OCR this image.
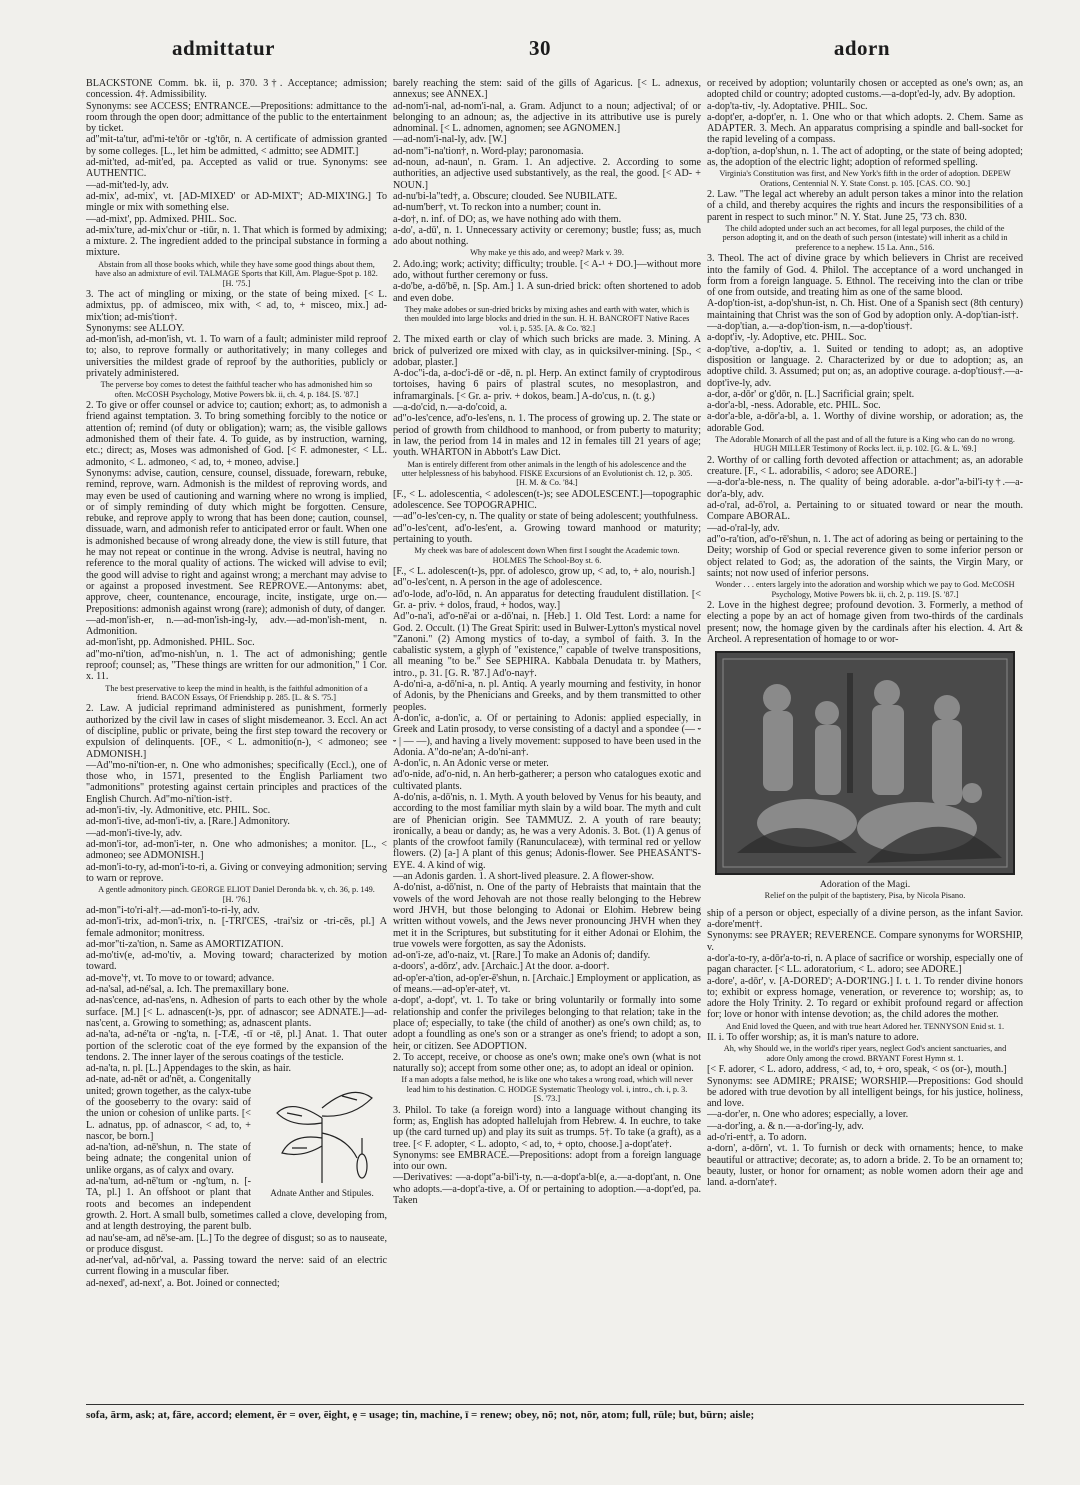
admittatur	30	adorn

BLACKSTONE Comm. bk. ii, p. 370. 3†. Acceptance; admission; concession. 4†. Admissibility.

Synonyms: see ACCESS; ENTRANCE.—Prepositions: admittance to the room through the open door; admittance of the public to the entertainment by ticket.

ad"mit-ta'tur, ad'mi-te'tōr or -tg'tōr, n. A certificate of admission granted by some colleges. [L., let him be admitted, < admitto; see ADMIT.]

ad-mit'ted, ad-mit'ed, pa. Accepted as valid or true. Synonyms: see AUTHENTIC.

—ad-mit'ted-ly, adv.

ad-mix', ad-mix', vt. [AD-MIXED' or AD-MIXT'; AD-MIX'ING.] To mingle or mix with something else.

—ad-mixt', pp. Admixed. PHIL. Soc.

ad-mix'ture, ad-mix'chur or -tiūr, n. 1. That which is formed by admixing; a mixture. 2. The ingredient added to the principal substance in forming a mixture.

Abstain from all those books which, while they have some good things about them, have also an admixture of evil. TALMAGE Sports that Kill, Am. Plague-Spot p. 182. [H. '75.]

3. The act of mingling or mixing, or the state of being mixed. [< L. admixtus, pp. of admisceo, mix with, < ad, to, + misceo, mix.] ad-mix'tion; ad-mis'tion†.

Synonyms: see ALLOY.

ad-mon'ish, ad-mon'ish, vt. 1. To warn of a fault; administer mild reproof to; also, to reprove formally or authoritatively; in many colleges and universities the mildest grade of reproof by the authorities, publicly or privately administered.

The perverse boy comes to detest the faithful teacher who has admonished him so often. McCOSH Psychology, Motive Powers bk. ii, ch. 4, p. 184. [S. '87.]

2. To give or offer counsel or advice to; caution; exhort; as, to admonish a friend against temptation. 3. To bring something forcibly to the notice or attention of; remind (of duty or obligation); warn; as, the visible gallows admonished them of their fate. 4. To guide, as by instruction, warning, etc.; direct; as, Moses was admonished of God. [< F. admonester, < LL. admonito, < L. admoneo, < ad, to, + moneo, advise.]

Synonyms: advise, caution, censure, counsel, dissuade, forewarn, rebuke, remind, reprove, warn. Admonish is the mildest of reproving words, and may even be used of cautioning and warning where no wrong is implied, or of simply reminding of duty which might be forgotten. Censure, rebuke, and reprove apply to wrong that has been done; caution, counsel, dissuade, warn, and admonish refer to anticipated error or fault. When one is admonished because of wrong already done, the view is still future, that he may not repeat or continue in the wrong. Advise is neutral, having no reference to the moral quality of actions. The wicked will advise to evil; the good will advise to right and against wrong; a merchant may advise to or against a proposed investment. See REPROVE.—Antonyms: abet, approve, cheer, countenance, encourage, incite, instigate, urge on.—Prepositions: admonish against wrong (rare); admonish of duty, of danger.

—ad-mon'ish-er, n.—ad-mon'ish-ing-ly, adv.—ad-mon'ish-ment, n. Admonition.

ad-mon'isht, pp. Admonished. PHIL. Soc.

ad"mo-ni'tion, ad'mo-nish'un, n. 1. The act of admonishing; gentle reproof; counsel; as, "These things are written for our admonition," 1 Cor. x. 11.

The best preservative to keep the mind in health, is the faithful admonition of a friend. BACON Essays, Of Friendship p. 285. [L. & S. '75.]

2. Law. A judicial reprimand administered as punishment, formerly authorized by the civil law in cases of slight misdemeanor. 3. Eccl. An act of discipline, public or private, being the first step toward the recovery or expulsion of delinquents. [OF., < L. admonitio(n-), < admoneo; see ADMONISH.]

—Ad"mo-ni'tion-er, n. One who admonishes; specifically (Eccl.), one of those who, in 1571, presented to the English Parliament two "admonitions" protesting against certain principles and practices of the English Church. Ad"mo-ni'tion-ist†.

ad-mon'i-tiv, -ly. Admonitive, etc. PHIL. Soc.

ad-mon'i-tive, ad-mon'i-tiv, a. [Rare.] Admonitory.

—ad-mon'i-tive-ly, adv.

ad-mon'i-tor, ad-mon'i-ter, n. One who admonishes; a monitor. [L., < admoneo; see ADMONISH.]

ad-mon'i-to-ry, ad-mon'i-to-ri, a. Giving or conveying admonition; serving to warn or reprove.

A gentle admonitory pinch. GEORGE ELIOT Daniel Deronda bk. v, ch. 36, p. 149. [H. '76.]

ad-mon"i-to'ri-al†.—ad-mon'i-to-ri-ly, adv.

ad-mon'i-trix, ad-mon'i-trix, n. [-TRI'CES, -trai'siz or -tri-cēs, pl.] A female admonitor; monitress.

ad-mor"ti-za'tion, n. Same as AMORTIZATION.

ad-mo'tiv(e, ad-mo'tiv, a. Moving toward; characterized by motion toward.

ad-move'†, vt. To move to or toward; advance.

ad-na'sal, ad-né'sal, a. Ich. The premaxillary bone.

ad-nas'cence, ad-nas'ens, n. Adhesion of parts to each other by the whole surface. [M.] [< L. adnascen(t-)s, ppr. of adnascor; see ADNATE.]—ad-nas'cent, a. Growing to something; as, adnascent plants.

ad-na'ta, ad-né'ta or -ng'ta, n. [-TÆ, -tī or -tē, pl.] Anat. 1. That outer portion of the sclerotic coat of the eye formed by the expansion of the tendons. 2. The inner layer of the serous coatings of the testicle.

ad-na'ta, n. pl. [L.] Appendages to the skin, as hair.

Adnate Anther and Stipules.

ad-nate, ad-nēt or ad'nēt, a. Congenitally united; grown together, as the calyx-tube of the gooseberry to the ovary: said of the union or cohesion of unlike parts. [< L. adnatus, pp. of adnascor, < ad, to, + nascor, be born.]

ad-na'tion, ad-nē'shun, n. The state of being adnate; the congenital union of unlike organs, as of calyx and ovary.

ad-na'tum, ad-nē'tum or -ng'tum, n. [-TA, pl.] 1. An offshoot or plant that roots and becomes an independent growth. 2. Hort. A small bulb, sometimes called a clove, developing from, and at length destroying, the parent bulb.

ad nau'se-am, ad nē'se-am. [L.] To the degree of disgust; so as to nauseate, or produce disgust.

ad-ner'val, ad-nōr'val, a. Passing toward the nerve: said of an electric current flowing in a muscular fiber.

ad-nexed', ad-next', a. Bot. Joined or connected;

barely reaching the stem: said of the gills of Agaricus. [< L. adnexus, annexus; see ANNEX.]

ad-nom'i-nal, ad-nom'i-nal, a. Gram. Adjunct to a noun; adjectival; of or belonging to an adnoun; as, the adjective in its attributive use is purely adnominal. [< L. adnomen, agnomen; see AGNOMEN.]

—ad-nom'i-nal-ly, adv. [W.]

ad-nom"i-na'tion†, n. Word-play; paronomasia.

ad-noun, ad-naun', n. Gram. 1. An adjective. 2. According to some authorities, an adjective used substantively, as the real, the good. [< AD- + NOUN.]

ad-nu'bi-la"ted†, a. Obscure; clouded. See NUBILATE.

ad-num'ber†, vt. To reckon into a number; count in.

a-do†, n. inf. of DO; as, we have nothing ado with them.

a-do', a-dū', n. 1. Unnecessary activity or ceremony; bustle; fuss; as, much ado about nothing.

Why make ye this ado, and weep? Mark v. 39.

2. Ado.ing; work; activity; difficulty; trouble. [< A-¹ + DO.]—without more ado, without further ceremony or fuss.

a-do'be, a-dō'bē, n. [Sp. Am.] 1. A sun-dried brick: often shortened to adob and even dobe.

They make adobes or sun-dried bricks by mixing ashes and earth with water, which is then moulded into large blocks and dried in the sun. H. H. BANCROFT Native Races vol. i, p. 535. [A. & Co. '82.]

2. The mixed earth or clay of which such bricks are made. 3. Mining. A brick of pulverized ore mixed with clay, as in quicksilver-mining. [Sp., < adobar, plaster.]

A-doc"i-da, a-doc'i-dē or -dē, n. pl. Herp. An extinct family of cryptodirous tortoises, having 6 pairs of plastral scutes, no mesoplastron, and inframarginals. [< Gr. a- priv. + dokos, beam.] A-do'cus, n. (t. g.)

—a-do'cid, n.—a-do'coid, a.

ad"o-les'cence, ad'o-les'ens, n. 1. The process of growing up. 2. The state or period of growth from childhood to manhood, or from puberty to maturity; in law, the period from 14 in males and 12 in females till 21 years of age; youth. WHARTON in Abbott's Law Dict.

Man is entirely different from other animals in the length of his adolescence and the utter helplessness of his babyhood. FISKE Excursions of an Evolutionist ch. 12, p. 305. [H. M. & Co. '84.]

[F., < L. adolescentia, < adolescen(t-)s; see ADOLESCENT.]—topographic adolescence. See TOPOGRAPHIC.

—ad"o-les'cen-cy, n. The quality or state of being adolescent; youthfulness.

ad"o-les'cent, ad'o-les'ent, a. Growing toward manhood or maturity; pertaining to youth.

My cheek was bare of adolescent down When first I sought the Academic town. HOLMES The School-Boy st. 6.

[F., < L. adolescen(t-)s, ppr. of adolesco, grow up, < ad, to, + alo, nourish.]

ad"o-les'cent, n. A person in the age of adolescence.

ad'o-lode, ad'o-lōd, n. An apparatus for detecting fraudulent distillation. [< Gr. a- priv. + dolos, fraud, + hodos, way.]

Ad"o-na'i, ad'o-nē'ai or a-dō'nai, n. [Heb.] 1. Old Test. Lord: a name for God. 2. Occult. (1) The Great Spirit: used in Bulwer-Lytton's mystical novel "Zanoni." (2) Among mystics of to-day, a symbol of faith. 3. In the cabalistic system, a glyph of "existence," capable of twelve transpositions, all meaning "to be." See SEPHIRA. Kabbala Denudata tr. by Mathers, intro., p. 31. [G. R. '87.] Ad'o-nay†.

A-do'ni-a, a-dō'ni-a, n. pl. Antiq. A yearly mourning and festivity, in honor of Adonis, by the Phenicians and Greeks, and by them transmitted to other peoples.

A-don'ic, a-don'ic, a. Of or pertaining to Adonis: applied especially, in Greek and Latin prosody, to verse consisting of a dactyl and a spondee (— ⏑ ⏑ | — —), and having a lively movement: supposed to have been used in the Adonia. A"do-ne'an; A-do'ni-an†.

A-don'ic, n. An Adonic verse or meter.

ad'o-nide, ad'o-nid, n. An herb-gatherer; a person who catalogues exotic and cultivated plants.

A-do'nis, a-dō'nis, n. 1. Myth. A youth beloved by Venus for his beauty, and according to the most familiar myth slain by a wild boar. The myth and cult are of Phenician origin. See TAMMUZ. 2. A youth of rare beauty; ironically, a beau or dandy; as, he was a very Adonis. 3. Bot. (1) A genus of plants of the crowfoot family (Ranunculaceæ), with terminal red or yellow flowers. (2) [a-] A plant of this genus; Adonis-flower. See PHEASANT'S-EYE. 4. A kind of wig.

—an Adonis garden. 1. A short-lived pleasure. 2. A flower-show.

A-do'nist, a-dō'nist, n. One of the party of Hebraists that maintain that the vowels of the word Jehovah are not those really belonging to the Hebrew word JHVH, but those belonging to Adonai or Elohim. Hebrew being written without vowels, and the Jews never pronouncing JHVH when they met it in the Scriptures, but substituting for it either Adonai or Elohim, the true vowels were forgotten, as say the Adonists.

ad-on'i-ze, ad'o-naiz, vt. [Rare.] To make an Adonis of; dandify.

a-doors', a-dōrz', adv. [Archaic.] At the door. a-door†.

ad-op'er-a'tion, ad-op'er-ē'shun, n. [Archaic.] Employment or application, as of means.—ad-op'er-ate†, vt.

a-dopt', a-dopt', vt. 1. To take or bring voluntarily or formally into some relationship and confer the privileges belonging to that relation; take in the place of; especially, to take (the child of another) as one's own child; as, to adopt a foundling as one's son or a stranger as one's friend; to adopt a son, heir, or citizen. See ADOPTION.

2. To accept, receive, or choose as one's own; make one's own (what is not naturally so); accept from some other one; as, to adopt an ideal or opinion.

If a man adopts a false method, he is like one who takes a wrong road, which will never lead him to his destination. C. HODGE Systematic Theology vol. i, intro., ch. i, p. 3. [S. '73.]

3. Philol. To take (a foreign word) into a language without changing its form; as, English has adopted hallelujah from Hebrew. 4. In euchre, to take up (the card turned up) and play its suit as trumps. 5†. To take (a graft), as a tree. [< F. adopter, < L. adopto, < ad, to, + opto, choose.] a-dopt'ate†.

Synonyms: see EMBRACE.—Prepositions: adopt from a foreign language into our own.

—Derivatives: —a-dopt"a-bil'i-ty, n.—a-dopt'a-bl(e, a.—a-dopt'ant, n. One who adopts.—a-dopt'a-tive, a. Of or pertaining to adoption.—a-dopt'ed, pa. Taken

or received by adoption; voluntarily chosen or accepted as one's own; as, an adopted child or country; adopted customs.—a-dopt'ed-ly, adv. By adoption.

a-dop'ta-tiv, -ly. Adoptative. PHIL. Soc.

a-dopt'er, a-dopt'er, n. 1. One who or that which adopts. 2. Chem. Same as ADAPTER. 3. Mech. An apparatus comprising a spindle and ball-socket for the rapid leveling of a compass.

a-dop'tion, a-dop'shun, n. 1. The act of adopting, or the state of being adopted; as, the adoption of the electric light; adoption of reformed spelling.

Virginia's Constitution was first, and New York's fifth in the order of adoption. DEPEW Orations, Centennial N. Y. State Const. p. 105. [CAS. CO. '90.]

2. Law. "The legal act whereby an adult person takes a minor into the relation of a child, and thereby acquires the rights and incurs the responsibilities of a parent in respect to such minor." N. Y. Stat. June 25, '73 ch. 830.

The child adopted under such an act becomes, for all legal purposes, the child of the person adopting it, and on the death of such person (intestate) will inherit as a child in preference to a nephew. 15 La. Ann., 516.

3. Theol. The act of divine grace by which believers in Christ are received into the family of God. 4. Philol. The acceptance of a word unchanged in form from a foreign language. 5. Ethnol. The receiving into the clan or tribe of one from outside, and treating him as one of the same blood.

A-dop'tion-ist, a-dop'shun-ist, n. Ch. Hist. One of a Spanish sect (8th century) maintaining that Christ was the son of God by adoption only. A-dop'tian-ist†.

—a-dop'tian, a.—a-dop'tion-ism, n.—a-dop'tious†.

a-dopt'iv, -ly. Adoptive, etc. PHIL. Soc.

a-dop'tive, a-dop'tiv, a. 1. Suited or tending to adopt; as, an adoptive disposition or language. 2. Characterized by or due to adoption; as, an adoptive child. 3. Assumed; put on; as, an adoptive courage. a-dop'tious†.—a-dopt'ive-ly, adv.

a-dor, a-dōr' or g'dōr, n. [L.] Sacrificial grain; spelt.

a-dor'a-bl, -ness. Adorable, etc. PHIL. Soc.

a-dor'a-ble, a-dōr'a-bl, a. 1. Worthy of divine worship, or adoration; as, the adorable God.

The Adorable Monarch of all the past and of all the future is a King who can do no wrong. HUGH MILLER Testimony of Rocks lect. ii, p. 102. [G. & L. '69.]

2. Worthy of or calling forth devoted affection or attachment; as, an adorable creature. [F., < L. adorabilis, < adoro; see ADORE.]

—a-dor'a-ble-ness, n. The quality of being adorable. a-dor"a-bil'i-ty†.—a-dor'a-bly, adv.

ad-o'ral, ad-ō'rol, a. Pertaining to or situated toward or near the mouth. Compare ABORAL.

—ad-o'ral-ly, adv.

ad"o-ra'tion, ad'o-rē'shun, n. 1. The act of adoring as being or pertaining to the Deity; worship of God or special reverence given to some inferior person or object related to God; as, the adoration of the saints, the Virgin Mary, or saints; not now used of inferior persons.

Wonder . . . enters largely into the adoration and worship which we pay to God. McCOSH Psychology, Motive Powers bk. ii, ch. 2, p. 119. [S. '87.]

2. Love in the highest degree; profound devotion. 3. Formerly, a method of electing a pope by an act of homage given from two-thirds of the cardinals present; now, the homage given by the cardinals after his election. 4. Art & Archeol. A representation of homage to or wor-

Adoration of the Magi.
Relief on the pulpit of the baptistery, Pisa, by Nicola Pisano.

ship of a person or object, especially of a divine person, as the infant Savior. a-dore'ment†.

Synonyms: see PRAYER; REVERENCE. Compare synonyms for WORSHIP, v.

a-dor'a-to-ry, a-dōr'a-to-ri, n. A place of sacrifice or worship, especially one of pagan character. [< LL. adoratorium, < L. adoro; see ADORE.]

a-dore', a-dōr', v. [A-DORED'; A-DOR'ING.] I. t. 1. To render divine honors to; exhibit or express homage, veneration, or reverence to; worship; as, to adore the Holy Trinity. 2. To regard or exhibit profound regard or affection for; love or honor with intense devotion; as, the child adores the mother.

And Enid loved the Queen, and with true heart Adored her. TENNYSON Enid st. 1.

II. i. To offer worship; as, it is man's nature to adore.

Ah, why Should we, in the world's riper years, neglect God's ancient sanctuaries, and adore Only among the crowd. BRYANT Forest Hymn st. 1.

[< F. adorer, < L. adoro, address, < ad, to, + oro, speak, < os (or-), mouth.]

Synonyms: see ADMIRE; PRAISE; WORSHIP.—Prepositions: God should be adored with true devotion by all intelligent beings, for his justice, holiness, and love.

—a-dor'er, n. One who adores; especially, a lover.

—a-dor'ing, a. & n.—a-dor'ing-ly, adv.

ad-o'ri-ent†, a. To adorn.

a-dorn', a-dōrn', vt. 1. To furnish or deck with ornaments; hence, to make beautiful or attractive; decorate; as, to adorn a bride. 2. To be an ornament to; beauty, luster, or honor for ornament; as noble women adorn their age and land. a-dorn'ate†.

sofa, ārm, ask; at, fāre, accord; element, ēr = over, ēight, ẹ = usage; tin, machine, ī = renew; obey, nō; not, nōr, atom; full, rūle; but, būrn; aisle;
